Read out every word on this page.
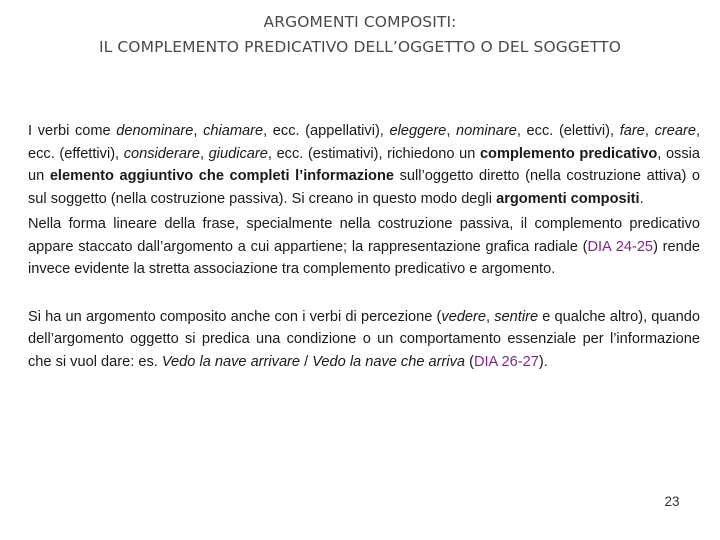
ARGOMENTI COMPOSITI:
IL COMPLEMENTO PREDICATIVO DELL’OGGETTO O DEL SOGGETTO

I verbi come denominare, chiamare, ecc. (appellativi), eleggere, nominare, ecc. (elettivi), fare, creare, ecc. (effettivi), considerare, giudicare, ecc. (estimativi), richiedono un complemento predicativo, ossia un elemento aggiuntivo che completi l’informazione sull’oggetto diretto (nella costruzione attiva) o sul soggetto (nella costruzione passiva). Si creano in questo modo degli argomenti compositi.

Nella forma lineare della frase, specialmente nella costruzione passiva, il complemento predicativo appare staccato dall’argomento a cui appartiene; la rappresentazione grafica radiale (DIA 24-25) rende invece evidente la stretta associazione tra complemento predicativo e argomento.

Si ha un argomento composito anche con i verbi di percezione (vedere, sentire e qualche altro), quando dell’argomento oggetto si predica una condizione o un comportamento essenziale per l’informazione che si vuol dare: es. Vedo la nave arrivare / Vedo la nave che arriva (DIA 26-27).

23
